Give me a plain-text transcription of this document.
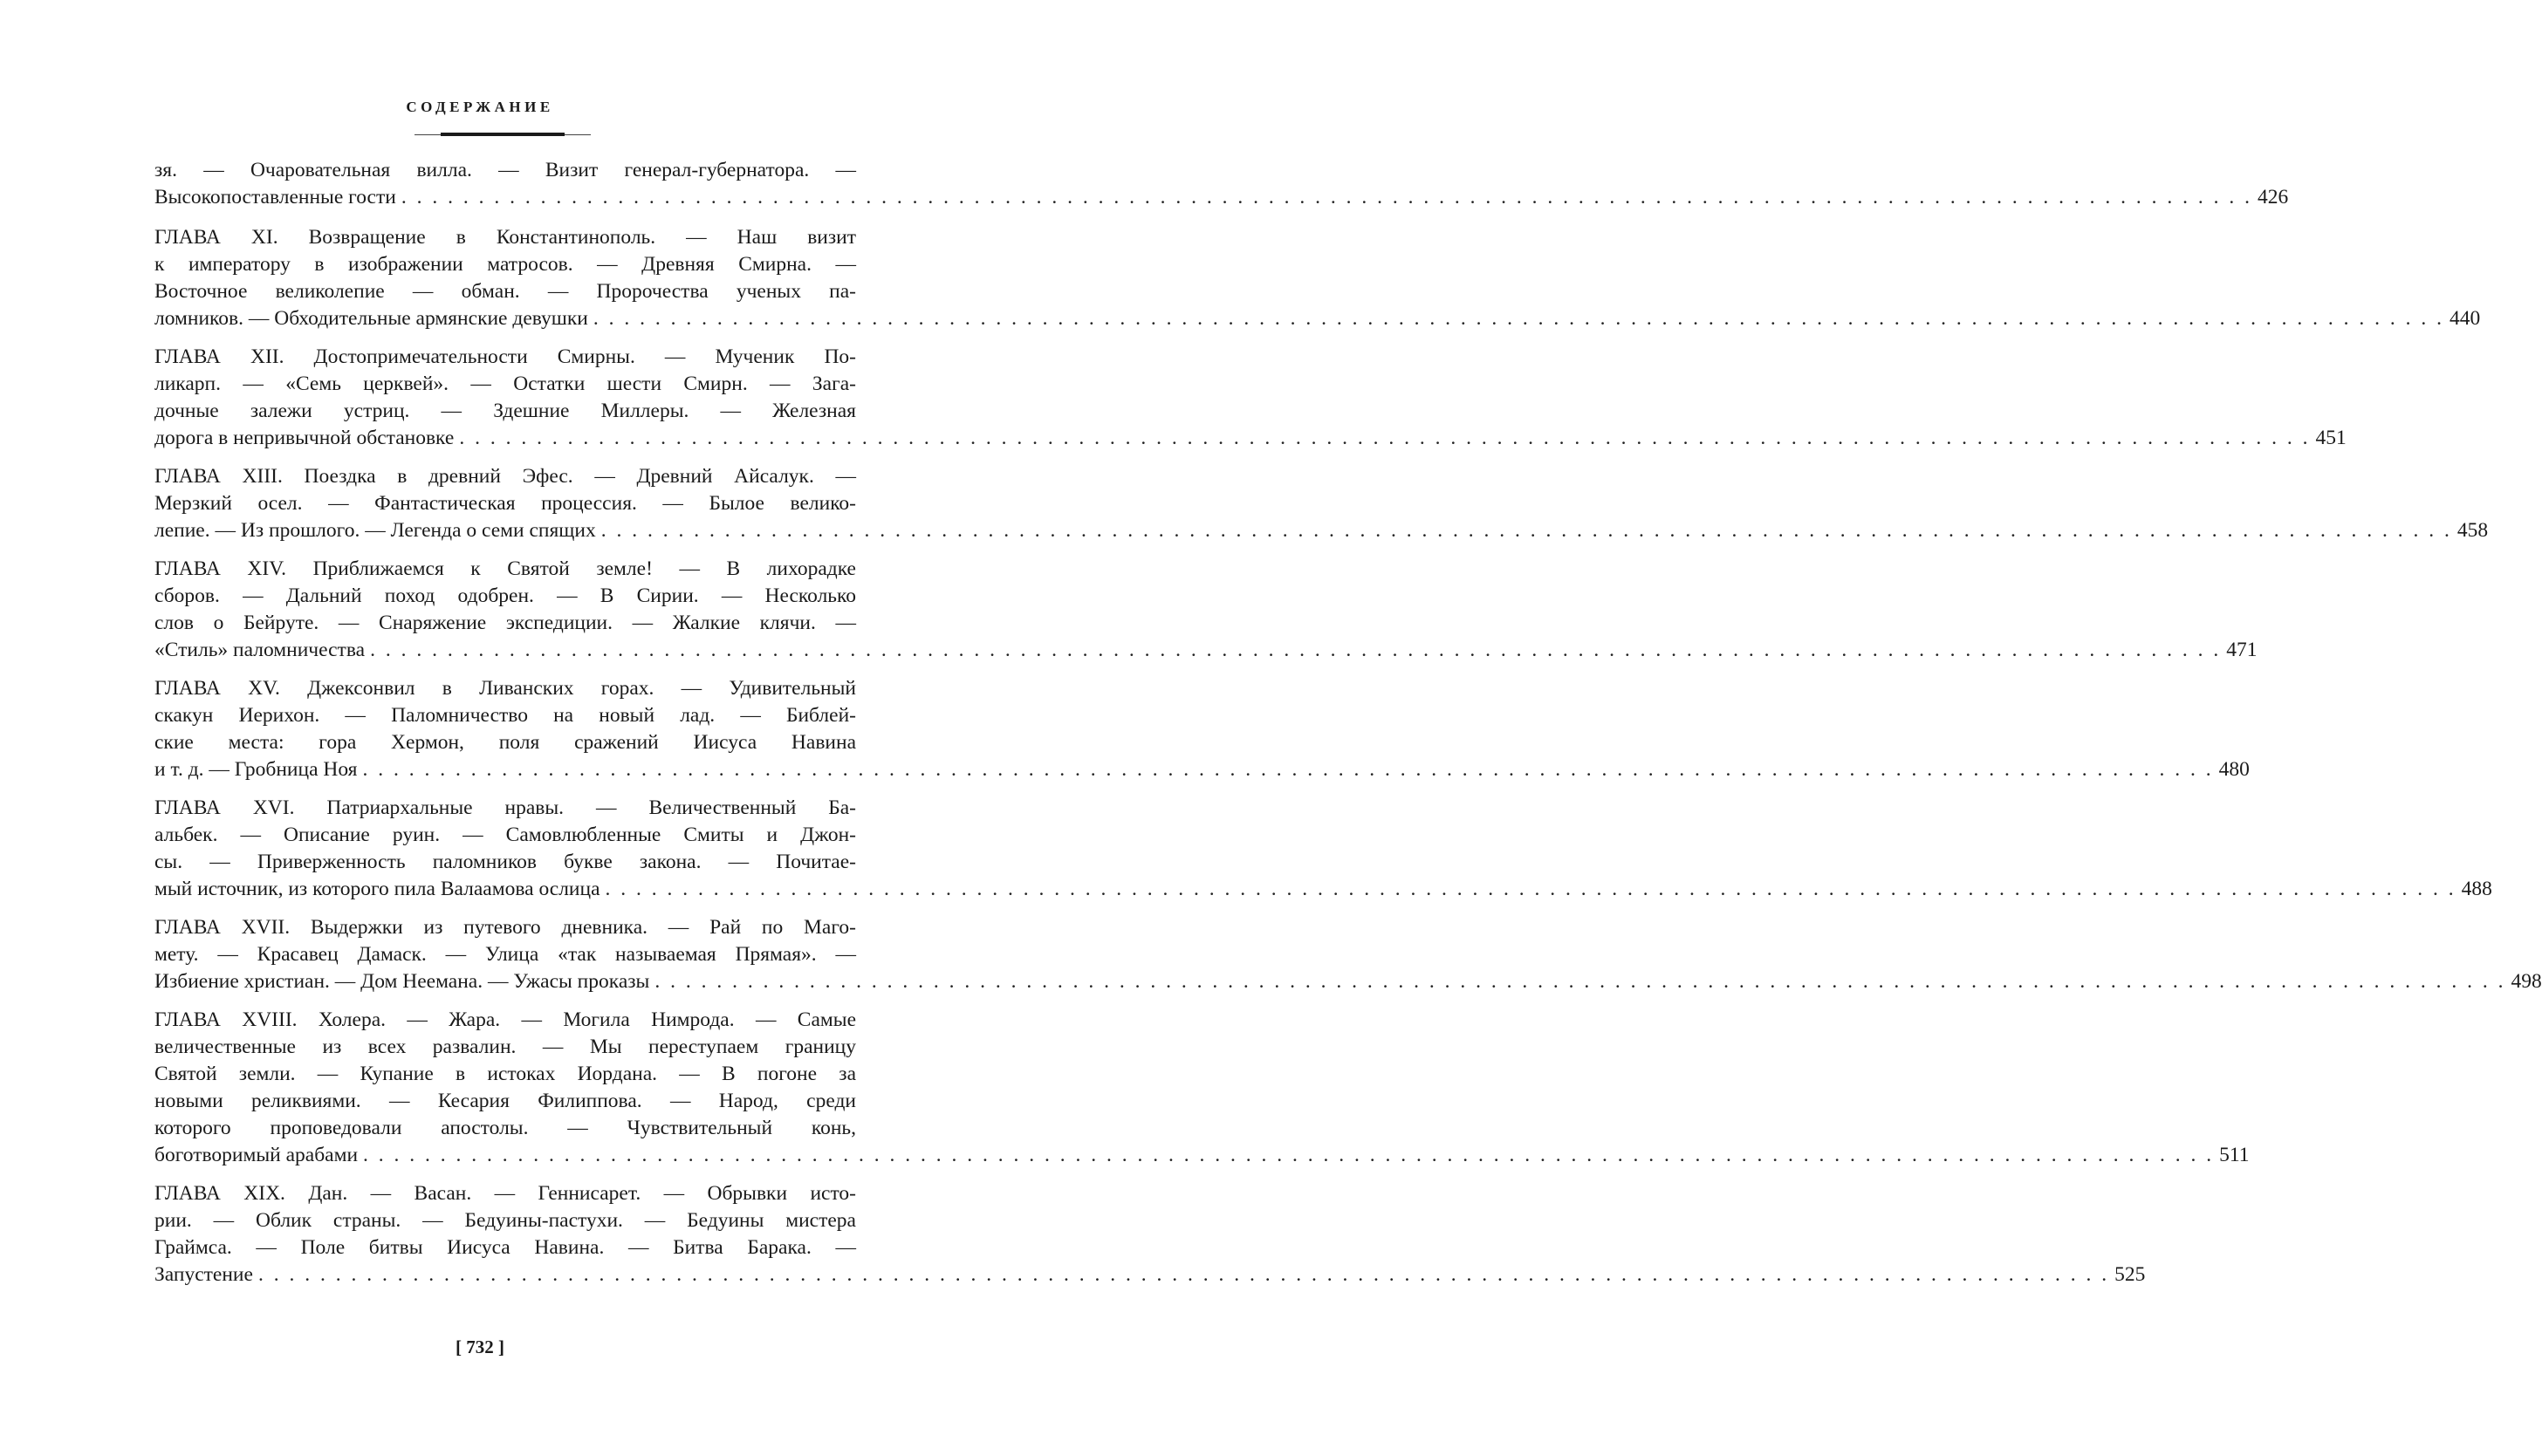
СОДЕРЖАНИЕ
зя. — Очаровательная вилла. — Визит генерал-губернатора. —
Высокопоставленные гости . . . . . . . . . . . . . . . . . . . . . . . . . . . . . . . . . . . . . . . . . . . . . . . . . . . . . . . . . . . . . . . . . . . . . . . . . . . . . . . . . . . . . . . . . . . . . . . . . . . . . . . . . . . . . . . . . . . . . . . . 426
ГЛАВА XI. Возвращение в Константинополь. — Наш визит
к императору в изображении матросов. — Древняя Смирна. —
Восточное великолепие — обман. — Пророчества ученых па-
ломников. — Обходительные армянские девушки . . . . . . . . . . . . . . . . . . . . . . . . . . . . . . . . . . . . . . . . . . . . . . . . . . . . . . . . . . . . . . . . . . . . . . . . . . . . . . . . . . . . . . . . . . . . . . . . . . . . . . . . . . . . . . . . . . . . . . . . 440
ГЛАВА XII. Достопримечательности Смирны. — Мученик По-
ликарп. — «Семь церквей». — Остатки шести Смирн. — Зага-
дочные залежи устриц. — Здешние Миллеры. — Железная
дорога в непривычной обстановке . . . . . . . . . . . . . . . . . . . . . . . . . . . . . . . . . . . . . . . . . . . . . . . . . . . . . . . . . . . . . . . . . . . . . . . . . . . . . . . . . . . . . . . . . . . . . . . . . . . . . . . . . . . . . . . . . . . . . . . . 451
ГЛАВА XIII. Поездка в древний Эфес. — Древний Айсалук. —
Мерзкий осел. — Фантастическая процессия. — Былое велико-
лепие. — Из прошлого. — Легенда о семи спящих . . . . . . . . . . . . . . . . . . . . . . . . . . . . . . . . . . . . . . . . . . . . . . . . . . . . . . . . . . . . . . . . . . . . . . . . . . . . . . . . . . . . . . . . . . . . . . . . . . . . . . . . . . . . . . . . . . . . . . . . 458
ГЛАВА XIV. Приближаемся к Святой земле! — В лихорадке
сборов. — Дальний поход одобрен. — В Сирии. — Несколько
слов о Бейруте. — Снаряжение экспедиции. — Жалкие клячи. —
«Стиль» паломничества . . . . . . . . . . . . . . . . . . . . . . . . . . . . . . . . . . . . . . . . . . . . . . . . . . . . . . . . . . . . . . . . . . . . . . . . . . . . . . . . . . . . . . . . . . . . . . . . . . . . . . . . . . . . . . . . . . . . . . . . 471
ГЛАВА XV. Джексонвил в Ливанских горах. — Удивительный
скакун Иерихон. — Паломничество на новый лад. — Библей-
ские места: гора Хермон, поля сражений Иисуса Навина
и т. д. — Гробница Ноя . . . . . . . . . . . . . . . . . . . . . . . . . . . . . . . . . . . . . . . . . . . . . . . . . . . . . . . . . . . . . . . . . . . . . . . . . . . . . . . . . . . . . . . . . . . . . . . . . . . . . . . . . . . . . . . . . . . . . . . . 480
ГЛАВА XVI. Патриархальные нравы. — Величественный Ба-
альбек. — Описание руин. — Самовлюбленные Смиты и Джон-
сы. — Приверженность паломников букве закона. — Почитае-
мый источник, из которого пила Валаамова ослица . . . . . . . . . . . . . . . . . . . . . . . . . . . . . . . . . . . . . . . . . . . . . . . . . . . . . . . . . . . . . . . . . . . . . . . . . . . . . . . . . . . . . . . . . . . . . . . . . . . . . . . . . . . . . . . . . . . . . . . . 488
ГЛАВА XVII. Выдержки из путевого дневника. — Рай по Маго-
мету. — Красавец Дамаск. — Улица «так называемая Прямая». —
Избиение христиан. — Дом Неемана. — Ужасы проказы . . . . . . . . . . . . . . . . . . . . . . . . . . . . . . . . . . . . . . . . . . . . . . . . . . . . . . . . . . . . . . . . . . . . . . . . . . . . . . . . . . . . . . . . . . . . . . . . . . . . . . . . . . . . . . . . . . . . . . . . 498
ГЛАВА XVIII. Холера. — Жара. — Могила Нимрода. — Самые
величественные из всех развалин. — Мы переступаем границу
Святой земли. — Купание в истоках Иордана. — В погоне за
новыми реликвиями. — Кесария Филиппова. — Народ, среди
которого проповедовали апостолы. — Чувствительный конь,
боготворимый арабами . . . . . . . . . . . . . . . . . . . . . . . . . . . . . . . . . . . . . . . . . . . . . . . . . . . . . . . . . . . . . . . . . . . . . . . . . . . . . . . . . . . . . . . . . . . . . . . . . . . . . . . . . . . . . . . . . . . . . . . . 511
ГЛАВА XIX. Дан. — Васан. — Геннисарет. — Обрывки исто-
рии. — Облик страны. — Бедуины-пастухи. — Бедуины мистера
Граймса. — Поле битвы Иисуса Навина. — Битва Барака. —
Запустение . . . . . . . . . . . . . . . . . . . . . . . . . . . . . . . . . . . . . . . . . . . . . . . . . . . . . . . . . . . . . . . . . . . . . . . . . . . . . . . . . . . . . . . . . . . . . . . . . . . . . . . . . . . . . . . . . . . . . . . . 525
[ 732 ]
